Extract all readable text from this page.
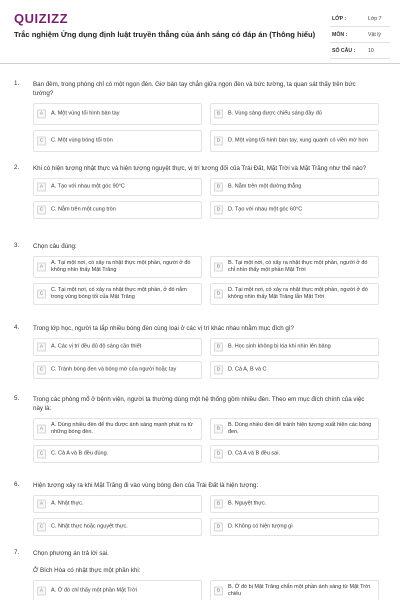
QUIZIZZ
Trắc nghiệm Ứng dụng định luật truyền thẳng của ánh sáng có đáp án (Thông hiểu)
LỚP :	Lớp 7
MÔN :	Vật lý
SỐ CÂU : 10
1. Ban đêm, trong phòng chỉ có một ngọn đèn. Giơ bàn tay chắn giữa ngọn đèn và bức tường, ta quan sát thấy trên bức tường?
A	A. Một vùng tối hình bàn tay	B	B. Vùng sáng được chiếu sáng đầy đủ
C	C. Một vùng bóng tối tròn	D	D. Một vùng tối hình bàn tay, xung quanh có viền mờ hơn
2. Khi có hiện tượng nhật thực và hiện tượng nguyệt thực, vị trí tương đối của Trái Đất, Mặt Trời và Mặt Trăng như thế nào?
A	A. Tạo với nhau một góc 90°C	B	B. Nằm trên một đường thẳng
C	C. Nằm trên một cung tròn	D	D. Tạo với nhau một góc 60°C
3. Chọn câu đúng:
A
A. Tại một nơi, có xảy ra nhật thực một phần, người ở đó không nhìn thấy Mặt Trăng	B
B. Tại một nơi, có xảy ra nhật thực một phần, người ở đó chỉ nhìn thấy một phần Mặt Trời
C
C. Tại một nơi, có xảy ra nhật thực một phần, ở đó nằm trong vùng bóng tối của Mặt Trăng	D
D. Tại một nơi, có xảy ra nhật thực một phần, người ở đó không nhìn thấy Mặt Trăng lẫn Mặt Trời
4. Trong lớp học, người ta lắp nhiều bóng đèn cùng loại ở các vị trí khác nhau nhằm mục đích gì?
A	A. Các vị trí đều đủ độ sáng cần thiết	B	B. Học sinh không bị lóa khi nhìn lên bảng
C	C. Tránh bóng đen và bóng mờ của người hoặc tay	D	D. Cả A, B và C
5. Trong các phòng mổ ở bệnh viện, người ta thường dùng một hệ thống gồm nhiều đèn. Theo em mục đích chính của việc này là:
A
A. Dùng nhiều đèn để thu được ánh sáng mạnh phát ra từ những bóng đèn.	B
B. Dùng nhiều đèn để tránh hiện tượng xuất hiện các bóng đen.
C	C. Cả A và B đều đúng.	D	D. Cả A và B đều sai.
6. Hiện tượng xảy ra khi Mặt Trăng đi vào vùng bóng đen của Trái Đất là hiện tượng:
A	A. Nhật thực.	B	B. Nguyệt thực.
C	C. Nhật thực hoặc nguyệt thực.	D	D. Không có hiện tượng gì
7. Chọn phương án trả lời sai.
Ở Bích Hòa có nhật thực một phần khi:
A	A. Ở đó chỉ thấy một phần Mặt Trời	B
B. Ở đó bị Mặt Trăng chắn một phần ánh sáng từ Mặt Trời chiếu
